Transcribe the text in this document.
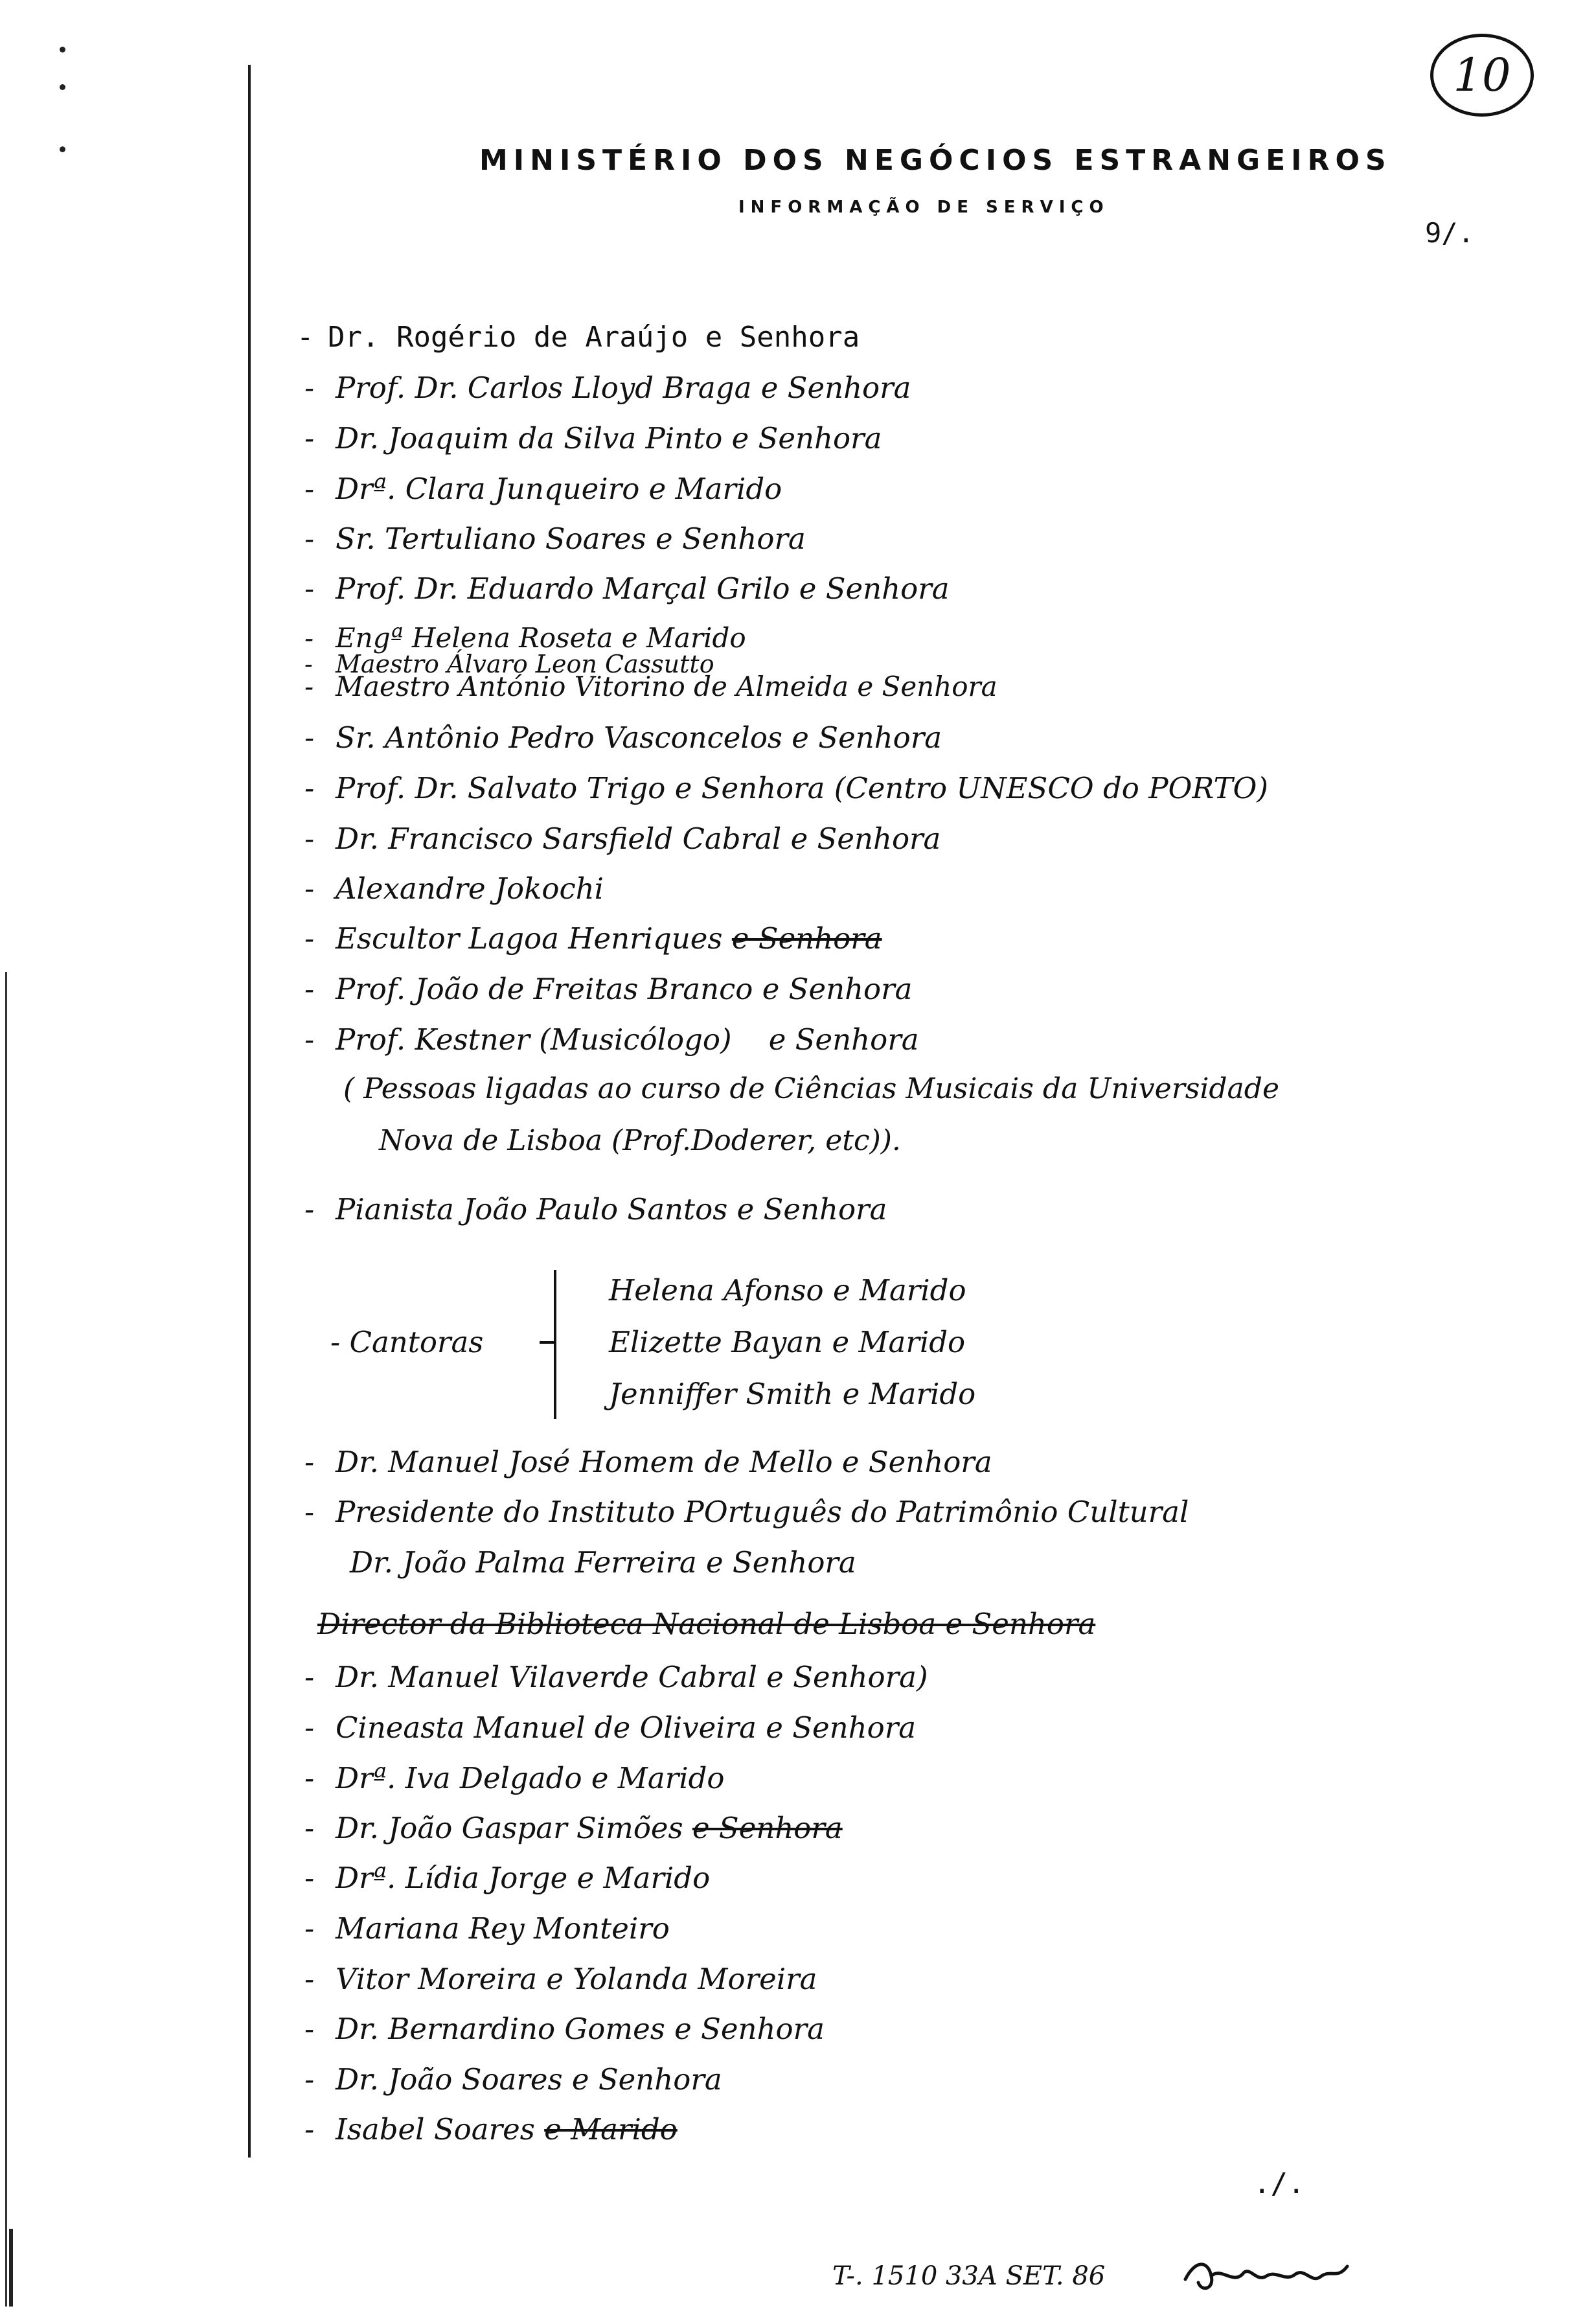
MINISTÉRIO DOS NEGÓCIOS ESTRANGEIROS
INFORMAÇÃO DE SERVIÇO
9/.
10
- Dr. Rogério de Araújo e Senhora
- Prof. Dr. Carlos Lloyd Braga e Senhora
- Dr. Joaquim da Silva Pinto e Senhora
- Drª. Clara Junqueiro e Marido
- Sr. Tertuliano Soares e Senhora
- Prof. Dr. Eduardo Marçal Grilo e Senhora
- Engª Helena Roseta e Marido
- Maestro Álvaro Leon Cassutto
- Maestro António Vitorino de Almeida e Senhora
- Sr. Antônio Pedro Vasconcelos e Senhora
- Prof. Dr. Salvato Trigo e Senhora (Centro UNESCO do PORTO)
- Dr. Francisco Sarsfield Cabral e Senhora
- Alexandre Jokochi
- Escultor Lagoa Henriques e Senhora
- Prof. João de Freitas Branco e Senhora
- Prof. Kestner (Musicólogo)    e Senhora
( Pessoas ligadas ao curso de Ciências Musicais da Universidade
Nova de Lisboa (Prof.Doderer, etc)).
- Pianista João Paulo Santos e Senhora
- Cantoras
Helena Afonso e Marido
Elizette Bayan e Marido
Jenniffer Smith e Marido
- Dr. Manuel José Homem de Mello e Senhora
- Presidente do Instituto POrtuguês do Patrimônio Cultural
Dr. João Palma Ferreira e Senhora
Director da Biblioteca Nacional de Lisboa e Senhora
- Dr. Manuel Vilaverde Cabral e Senhora)
- Cineasta Manuel de Oliveira e Senhora
- Drª. Iva Delgado e Marido
- Dr. João Gaspar Simões e Senhora
- Drª. Lídia Jorge e Marido
- Mariana Rey Monteiro
- Vitor Moreira e Yolanda Moreira
- Dr. Bernardino Gomes e Senhora
- Dr. João Soares e Senhora
- Isabel Soares e Marido
./.
T-. 1510 33A SET. 86
